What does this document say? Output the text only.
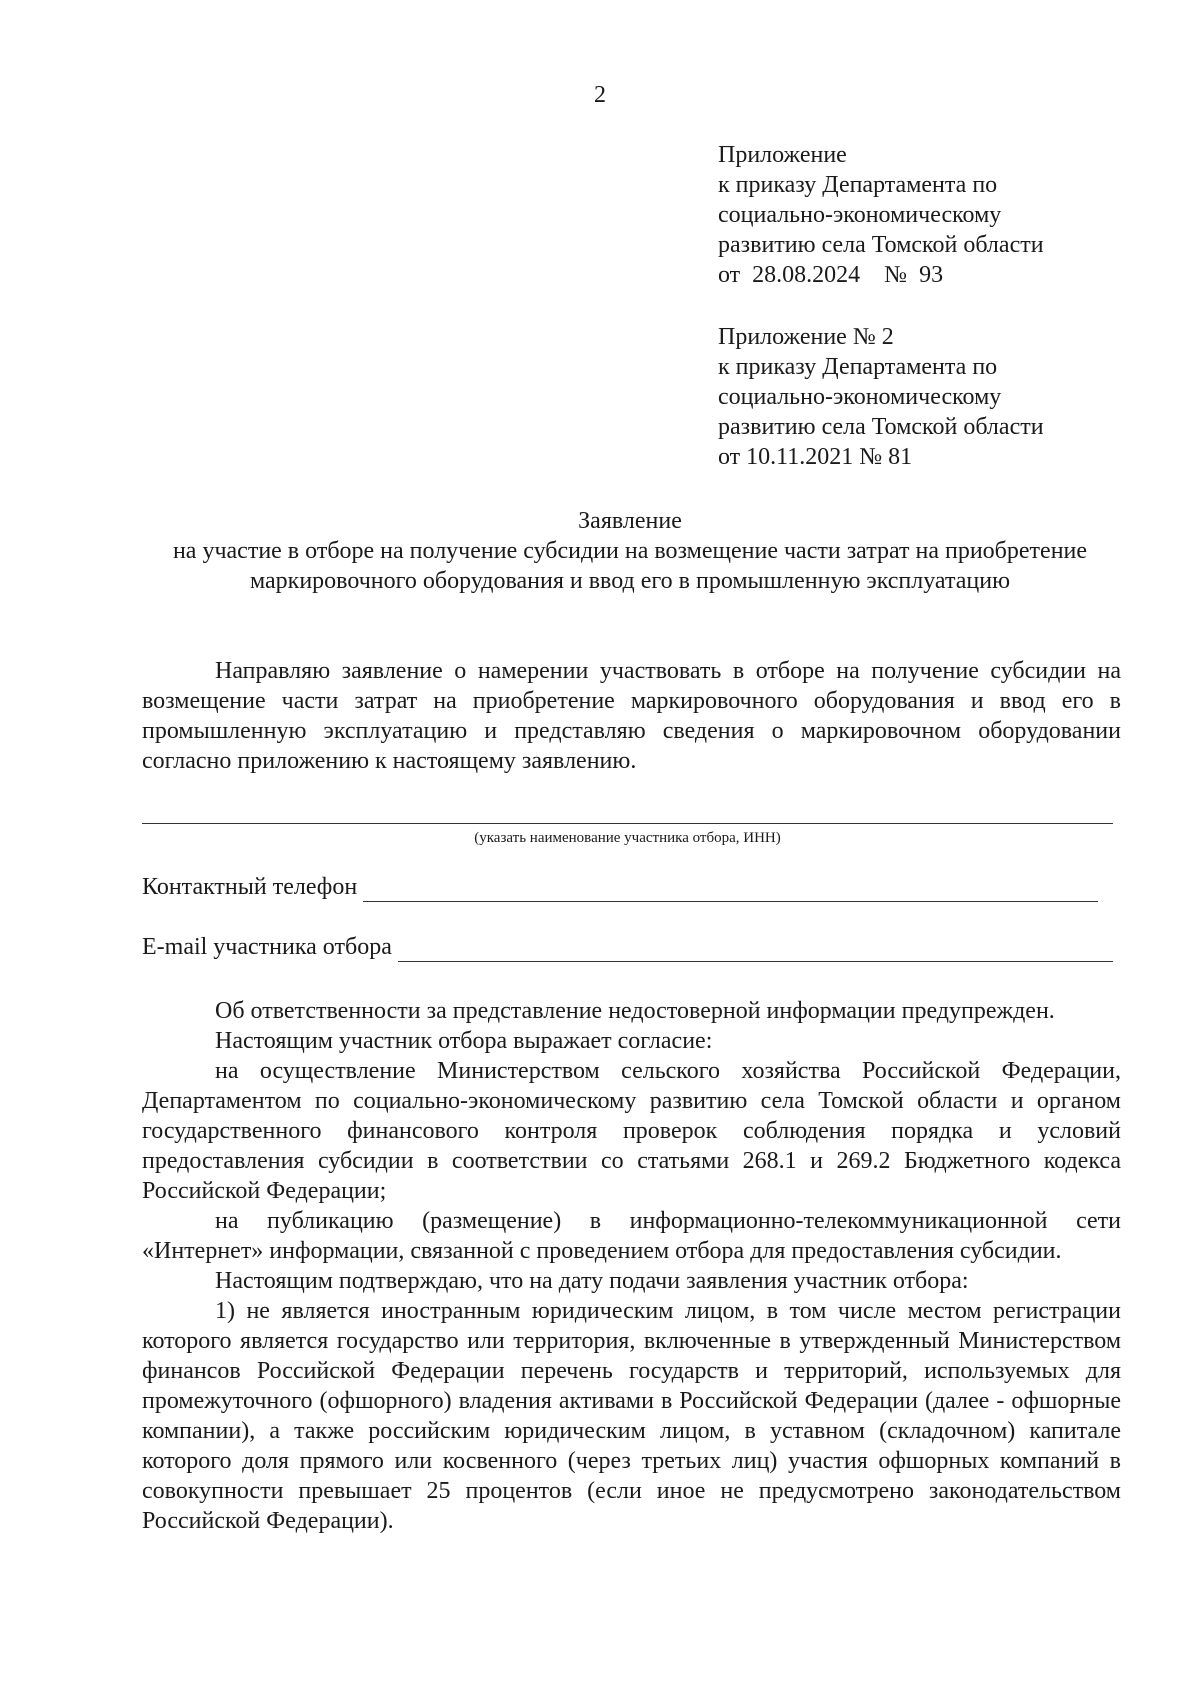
2
Приложение
к приказу Департамента по
социально-экономическому
развитию села Томской области
от  28.08.2024    №  93
Приложение № 2
к приказу Департамента по
социально-экономическому
развитию села Томской области
от 10.11.2021 № 81
Заявление
на участие в отборе на получение субсидии на возмещение части затрат на приобретение маркировочного оборудования и ввод его в промышленную эксплуатацию

Направляю заявление о намерении участвовать в отборе на получение субсидии на возмещение части затрат на приобретение маркировочного оборудования и ввод его в промышленную эксплуатацию и представляю сведения о маркировочном оборудовании согласно приложению к настоящему заявлению.

(указать наименование участника отбора, ИНН)
Контактный телефон
E-mail участника отбора

Об ответственности за представление недостоверной информации предупрежден.

Настоящим участник отбора выражает согласие:

на осуществление Министерством сельского хозяйства Российской Федерации, Департаментом по социально-экономическому развитию села Томской области и органом государственного финансового контроля проверок соблюдения порядка и условий предоставления субсидии в соответствии со статьями 268.1 и 269.2 Бюджетного кодекса Российской Федерации;

на публикацию (размещение) в информационно-телекоммуникационной сети «Интернет» информации, связанной с проведением отбора для предоставления субсидии.

Настоящим подтверждаю, что на дату подачи заявления участник отбора:

1) не является иностранным юридическим лицом, в том числе местом регистрации которого является государство или территория, включенные в утвержденный Министерством финансов Российской Федерации перечень государств и территорий, используемых для промежуточного (офшорного) владения активами в Российской Федерации (далее - офшорные компании), а также российским юридическим лицом, в уставном (складочном) капитале которого доля прямого или косвенного (через третьих лиц) участия офшорных компаний в совокупности превышает 25 процентов (если иное не предусмотрено законодательством Российской Федерации).
